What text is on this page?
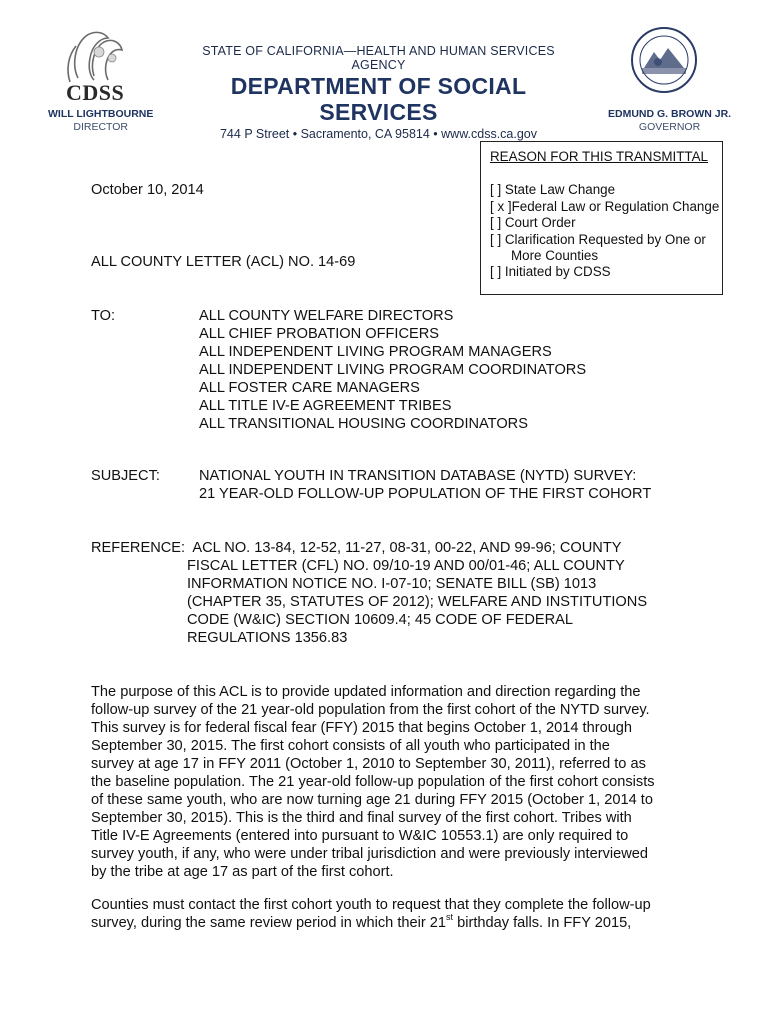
CDSS
STATE OF CALIFORNIA—HEALTH AND HUMAN SERVICES AGENCY
DEPARTMENT OF SOCIAL SERVICES
744 P Street • Sacramento, CA 95814 • www.cdss.ca.gov
WILL LIGHTBOURNE
DIRECTOR
EDMUND G. BROWN JR.
GOVERNOR
REASON FOR THIS TRANSMITTAL
[ ] State Law Change
[ x ]Federal Law or Regulation Change
[ ] Court Order
[ ] Clarification Requested by One or More Counties
[ ] Initiated by CDSS
October 10, 2014
ALL COUNTY LETTER (ACL) NO. 14-69
TO:	ALL COUNTY WELFARE DIRECTORS
ALL CHIEF PROBATION OFFICERS
ALL INDEPENDENT LIVING PROGRAM MANAGERS
ALL INDEPENDENT LIVING PROGRAM COORDINATORS
ALL FOSTER CARE MANAGERS
ALL TITLE IV-E AGREEMENT TRIBES
ALL TRANSITIONAL HOUSING COORDINATORS
SUBJECT:	NATIONAL YOUTH IN TRANSITION DATABASE (NYTD) SURVEY:
21 YEAR-OLD FOLLOW-UP POPULATION OF THE FIRST COHORT
REFERENCE: ACL NO. 13-84, 12-52, 11-27, 08-31, 00-22, AND 99-96; COUNTY
FISCAL LETTER (CFL) NO. 09/10-19 AND 00/01-46; ALL COUNTY
INFORMATION NOTICE NO. I-07-10; SENATE BILL (SB) 1013
(CHAPTER 35, STATUTES OF 2012); WELFARE AND INSTITUTIONS
CODE (W&IC) SECTION 10609.4; 45 CODE OF FEDERAL
REGULATIONS 1356.83
The purpose of this ACL is to provide updated information and direction regarding the
follow-up survey of the 21 year-old population from the first cohort of the NYTD survey.
This survey is for federal fiscal fear (FFY) 2015 that begins October 1, 2014 through
September 30, 2015. The first cohort consists of all youth who participated in the
survey at age 17 in FFY 2011 (October 1, 2010 to September 30, 2011), referred to as
the baseline population. The 21 year-old follow-up population of the first cohort consists
of these same youth, who are now turning age 21 during FFY 2015 (October 1, 2014 to
September 30, 2015). This is the third and final survey of the first cohort. Tribes with
Title IV-E Agreements (entered into pursuant to W&IC 10553.1) are only required to
survey youth, if any, who were under tribal jurisdiction and were previously interviewed
by the tribe at age 17 as part of the first cohort.
Counties must contact the first cohort youth to request that they complete the follow-up
survey, during the same review period in which their 21st birthday falls. In FFY 2015,
